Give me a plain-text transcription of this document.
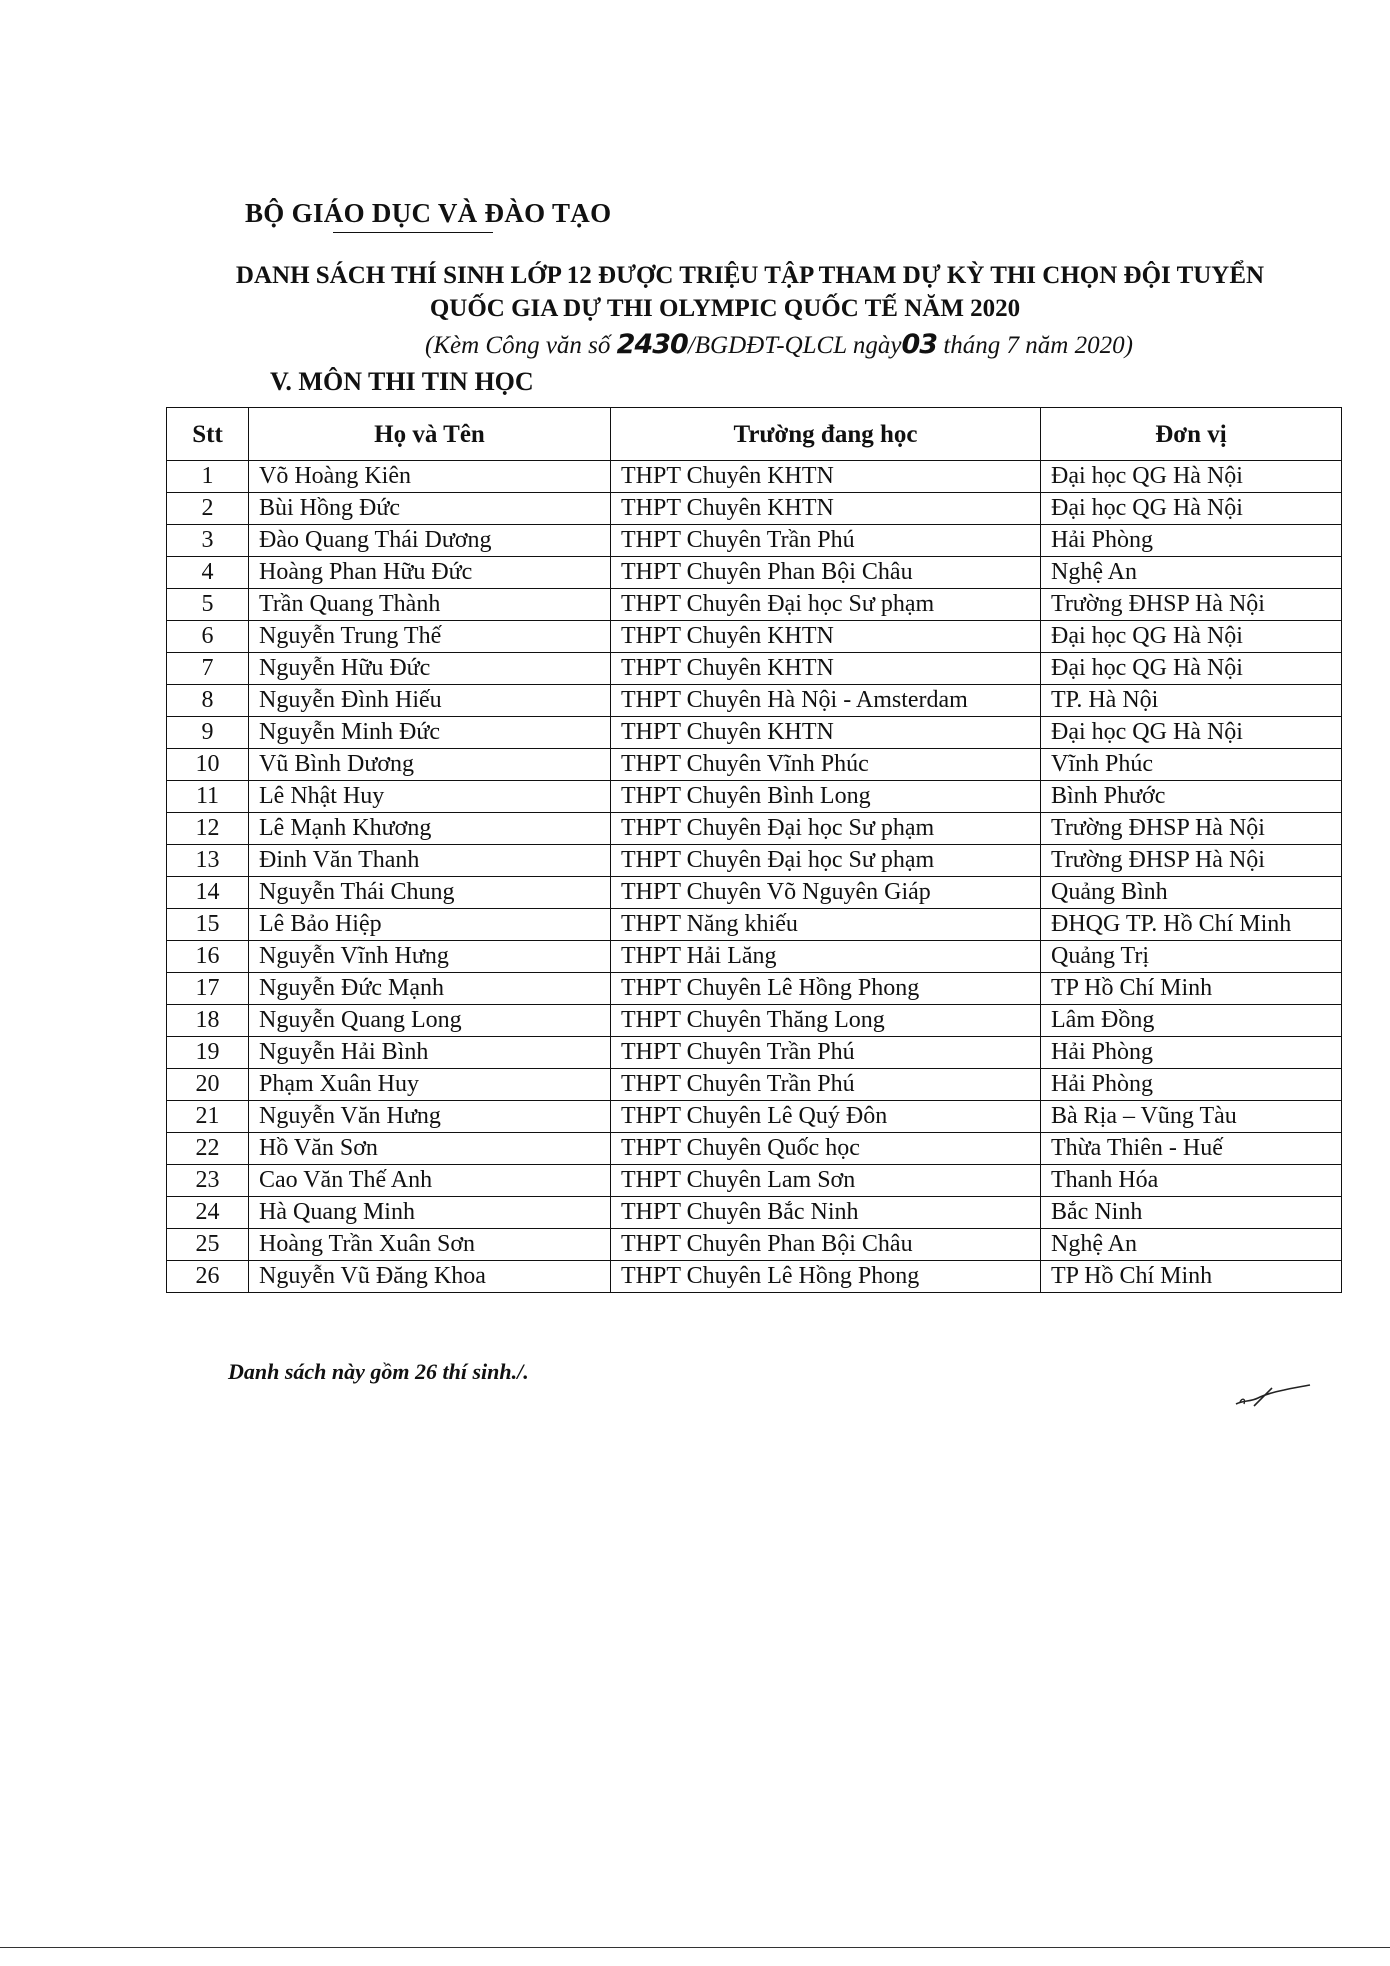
BỘ GIÁO DỤC VÀ ĐÀO TẠO
DANH SÁCH THÍ SINH LỚP 12 ĐƯỢC TRIỆU TẬP THAM DỰ KỲ THI CHỌN ĐỘI TUYỂN
QUỐC GIA DỰ THI OLYMPIC QUỐC TẾ NĂM 2020
(Kèm Công văn số 2430/BGDĐT-QLCL ngày03 tháng 7 năm 2020)
V. MÔN THI TIN HỌC
Stt	Họ và Tên	Trường đang học	Đơn vị
1	Võ Hoàng Kiên	THPT Chuyên KHTN	Đại học QG Hà Nội
2	Bùi Hồng Đức	THPT Chuyên KHTN	Đại học QG Hà Nội
3	Đào Quang Thái Dương	THPT Chuyên Trần Phú	Hải Phòng
4	Hoàng Phan Hữu Đức	THPT Chuyên Phan Bội Châu	Nghệ An
5	Trần Quang Thành	THPT Chuyên Đại học Sư phạm	Trường ĐHSP Hà Nội
6	Nguyễn Trung Thế	THPT Chuyên KHTN	Đại học QG Hà Nội
7	Nguyễn Hữu Đức	THPT Chuyên KHTN	Đại học QG Hà Nội
8	Nguyễn Đình Hiếu	THPT Chuyên Hà Nội - Amsterdam	TP. Hà Nội
9	Nguyễn Minh Đức	THPT Chuyên KHTN	Đại học QG Hà Nội
10	Vũ Bình Dương	THPT Chuyên Vĩnh Phúc	Vĩnh Phúc
11	Lê Nhật Huy	THPT Chuyên Bình Long	Bình Phước
12	Lê Mạnh Khương	THPT Chuyên Đại học Sư phạm	Trường ĐHSP Hà Nội
13	Đinh Văn Thanh	THPT Chuyên Đại học Sư phạm	Trường ĐHSP Hà Nội
14	Nguyễn Thái Chung	THPT Chuyên Võ Nguyên Giáp	Quảng Bình
15	Lê Bảo Hiệp	THPT Năng khiếu	ĐHQG TP. Hồ Chí Minh
16	Nguyễn Vĩnh Hưng	THPT Hải Lăng	Quảng Trị
17	Nguyễn Đức Mạnh	THPT Chuyên Lê Hồng Phong	TP Hồ Chí Minh
18	Nguyễn Quang Long	THPT Chuyên Thăng Long	Lâm Đồng
19	Nguyễn Hải Bình	THPT Chuyên Trần Phú	Hải Phòng
20	Phạm Xuân Huy	THPT Chuyên Trần Phú	Hải Phòng
21	Nguyễn Văn Hưng	THPT Chuyên Lê Quý Đôn	Bà Rịa – Vũng Tàu
22	Hồ Văn Sơn	THPT Chuyên Quốc học	Thừa Thiên - Huế
23	Cao Văn Thế Anh	THPT Chuyên Lam Sơn	Thanh Hóa
24	Hà Quang Minh	THPT Chuyên Bắc Ninh	Bắc Ninh
25	Hoàng Trần Xuân Sơn	THPT Chuyên Phan Bội Châu	Nghệ An
26	Nguyễn Vũ Đăng Khoa	THPT Chuyên Lê Hồng Phong	TP Hồ Chí Minh
Danh sách này gồm 26 thí sinh./.
